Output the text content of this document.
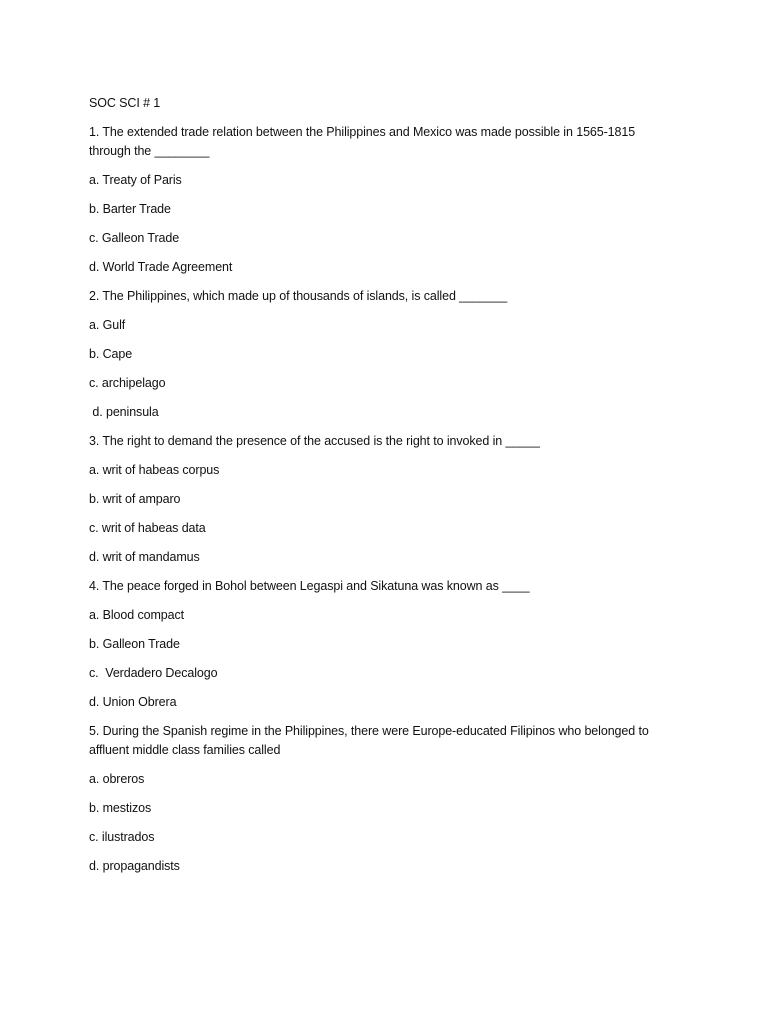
SOC SCI # 1
1. The extended trade relation between the Philippines and Mexico was made possible in 1565-1815 through the ________
a. Treaty of Paris
b. Barter Trade
c. Galleon Trade
d. World Trade Agreement
2. The Philippines, which made up of thousands of islands, is called _______
a. Gulf
b. Cape
c. archipelago
d. peninsula
3. The right to demand the presence of the accused is the right to invoked in _____
a. writ of habeas corpus
b. writ of amparo
c. writ of habeas data
d. writ of mandamus
4. The peace forged in Bohol between Legaspi and Sikatuna was known as ____
a. Blood compact
b. Galleon Trade
c.  Verdadero Decalogo
d. Union Obrera
5. During the Spanish regime in the Philippines, there were Europe-educated Filipinos who belonged to affluent middle class families called
a. obreros
b. mestizos
c. ilustrados
d. propagandists
